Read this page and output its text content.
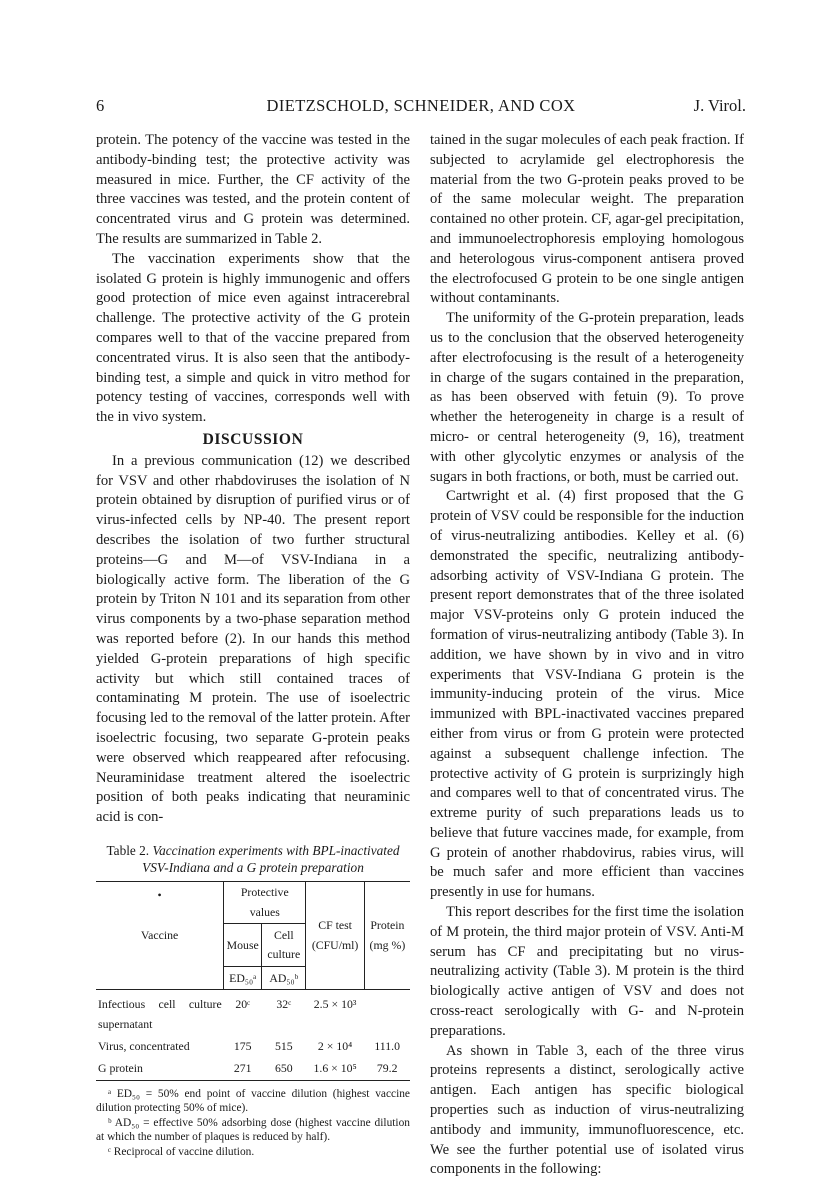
6	DIETZSCHOLD, SCHNEIDER, AND COX	J. Virol.

protein. The potency of the vaccine was tested in the antibody-binding test; the protective activity was measured in mice. Further, the CF activity of the three vaccines was tested, and the protein content of concentrated virus and G protein was determined. The results are summarized in Table 2.

The vaccination experiments show that the isolated G protein is highly immunogenic and offers good protection of mice even against intracerebral challenge. The protective activity of the G protein compares well to that of the vaccine prepared from concentrated virus. It is also seen that the antibody-binding test, a simple and quick in vitro method for potency testing of vaccines, corresponds well with the in vivo system.

DISCUSSION

In a previous communication (12) we described for VSV and other rhabdoviruses the isolation of N protein obtained by disruption of purified virus or of virus-infected cells by NP-40. The present report describes the isolation of two further structural proteins—G and M—of VSV-Indiana in a biologically active form. The liberation of the G protein by Triton N 101 and its separation from other virus components by a two-phase separation method was reported before (2). In our hands this method yielded G-protein preparations of high specific activity but which still contained traces of contaminating M protein. The use of isoelectric focusing led to the removal of the latter protein. After isoelectric focusing, two separate G-protein peaks were observed which reappeared after refocusing. Neuraminidase treatment altered the isoelectric position of both peaks indicating that neuraminic acid is con-

Table 2. Vaccination experiments with BPL-inactivated VSV-Indiana and a G protein preparation
•
Vaccine	Protective values		CF test (CFU/ml)	Protein (mg %)
	Mouse	Cell culture		
	ED₅₀ᵃ	AD₅₀ᵇ		

Infectious cell culture supernatant	20ᶜ	32ᶜ	2.5 × 10³	
Virus, concentrated	175	515	2 × 10⁴	111.0
G protein	271	650	1.6 × 10⁵	79.2

ᵃ ED₅₀ = 50% end point of vaccine dilution (highest vaccine dilution protecting 50% of mice).

ᵇ AD₅₀ = effective 50% adsorbing dose (highest vaccine dilution at which the number of plaques is reduced by half).

ᶜ Reciprocal of vaccine dilution.

tained in the sugar molecules of each peak fraction. If subjected to acrylamide gel electrophoresis the material from the two G-protein peaks proved to be of the same molecular weight. The preparation contained no other protein. CF, agar-gel precipitation, and immunoelectrophoresis employing homologous and heterologous virus-component antisera proved the electrofocused G protein to be one single antigen without contaminants.

The uniformity of the G-protein preparation, leads us to the conclusion that the observed heterogeneity after electrofocusing is the result of a heterogeneity in charge of the sugars contained in the preparation, as has been observed with fetuin (9). To prove whether the heterogeneity in charge is a result of micro- or central heterogeneity (9, 16), treatment with other glycolytic enzymes or analysis of the sugars in both fractions, or both, must be carried out.

Cartwright et al. (4) first proposed that the G protein of VSV could be responsible for the induction of virus-neutralizing antibodies. Kelley et al. (6) demonstrated the specific, neutralizing antibody-adsorbing activity of VSV-Indiana G protein. The present report demonstrates that of the three isolated major VSV-proteins only G protein induced the formation of virus-neutralizing antibody (Table 3). In addition, we have shown by in vivo and in vitro experiments that VSV-Indiana G protein is the immunity-inducing protein of the virus. Mice immunized with BPL-inactivated vaccines prepared either from virus or from G protein were protected against a subsequent challenge infection. The protective activity of G protein is surprizingly high and compares well to that of concentrated virus. The extreme purity of such preparations leads us to believe that future vaccines made, for example, from G protein of another rhabdovirus, rabies virus, will be much safer and more efficient than vaccines presently in use for humans.

This report describes for the first time the isolation of M protein, the third major protein of VSV. Anti-M serum has CF and precipitating but no virus-neutralizing activity (Table 3). M protein is the third biologically active antigen of VSV and does not cross-react serologically with G- and N-protein preparations.

As shown in Table 3, each of the three virus proteins represents a distinct, serologically active antigen. Each antigen has specific biological properties such as induction of virus-neutralizing antibody and immunity, immunofluorescence, etc. We see the further potential use of isolated virus components in the following:
